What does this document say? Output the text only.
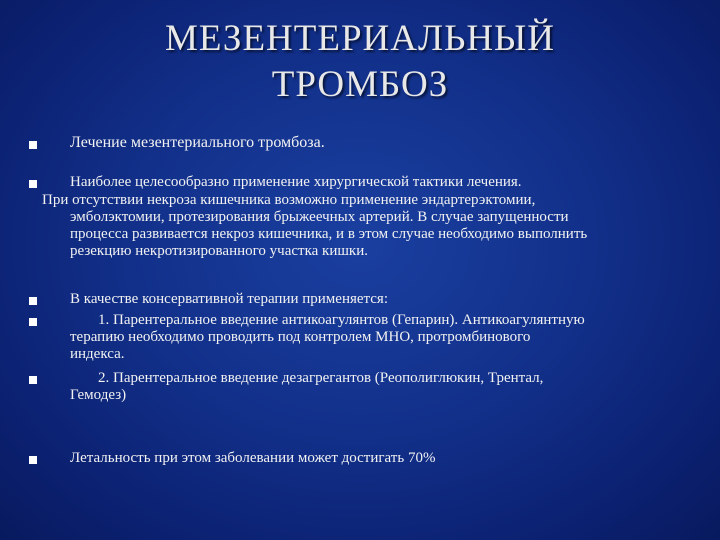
МЕЗЕНТЕРИАЛЬНЫЙ
ТРОМБОЗ
Лечение мезентериального тромбоза.
Наиболее целесообразно применение хирургической тактики лечения.
При отсутствии некроза кишечника возможно применение эндартерэктомии,
эмболэктомии, протезирования брыжеечных артерий. В случае запущенности
процесса развивается некроз кишечника, и в этом случае необходимо выполнить
резекцию некротизированного участка кишки.
В качестве консервативной терапии применяется:
1. Парентеральное введение антикоагулянтов (Гепарин). Антикоагулянтную
терапию необходимо проводить под контролем МНО, протромбинового
индекса.
2. Парентеральное введение дезагрегантов (Реополиглюкин, Трентал,
Гемодез)
Летальность при этом заболевании может достигать 70%
